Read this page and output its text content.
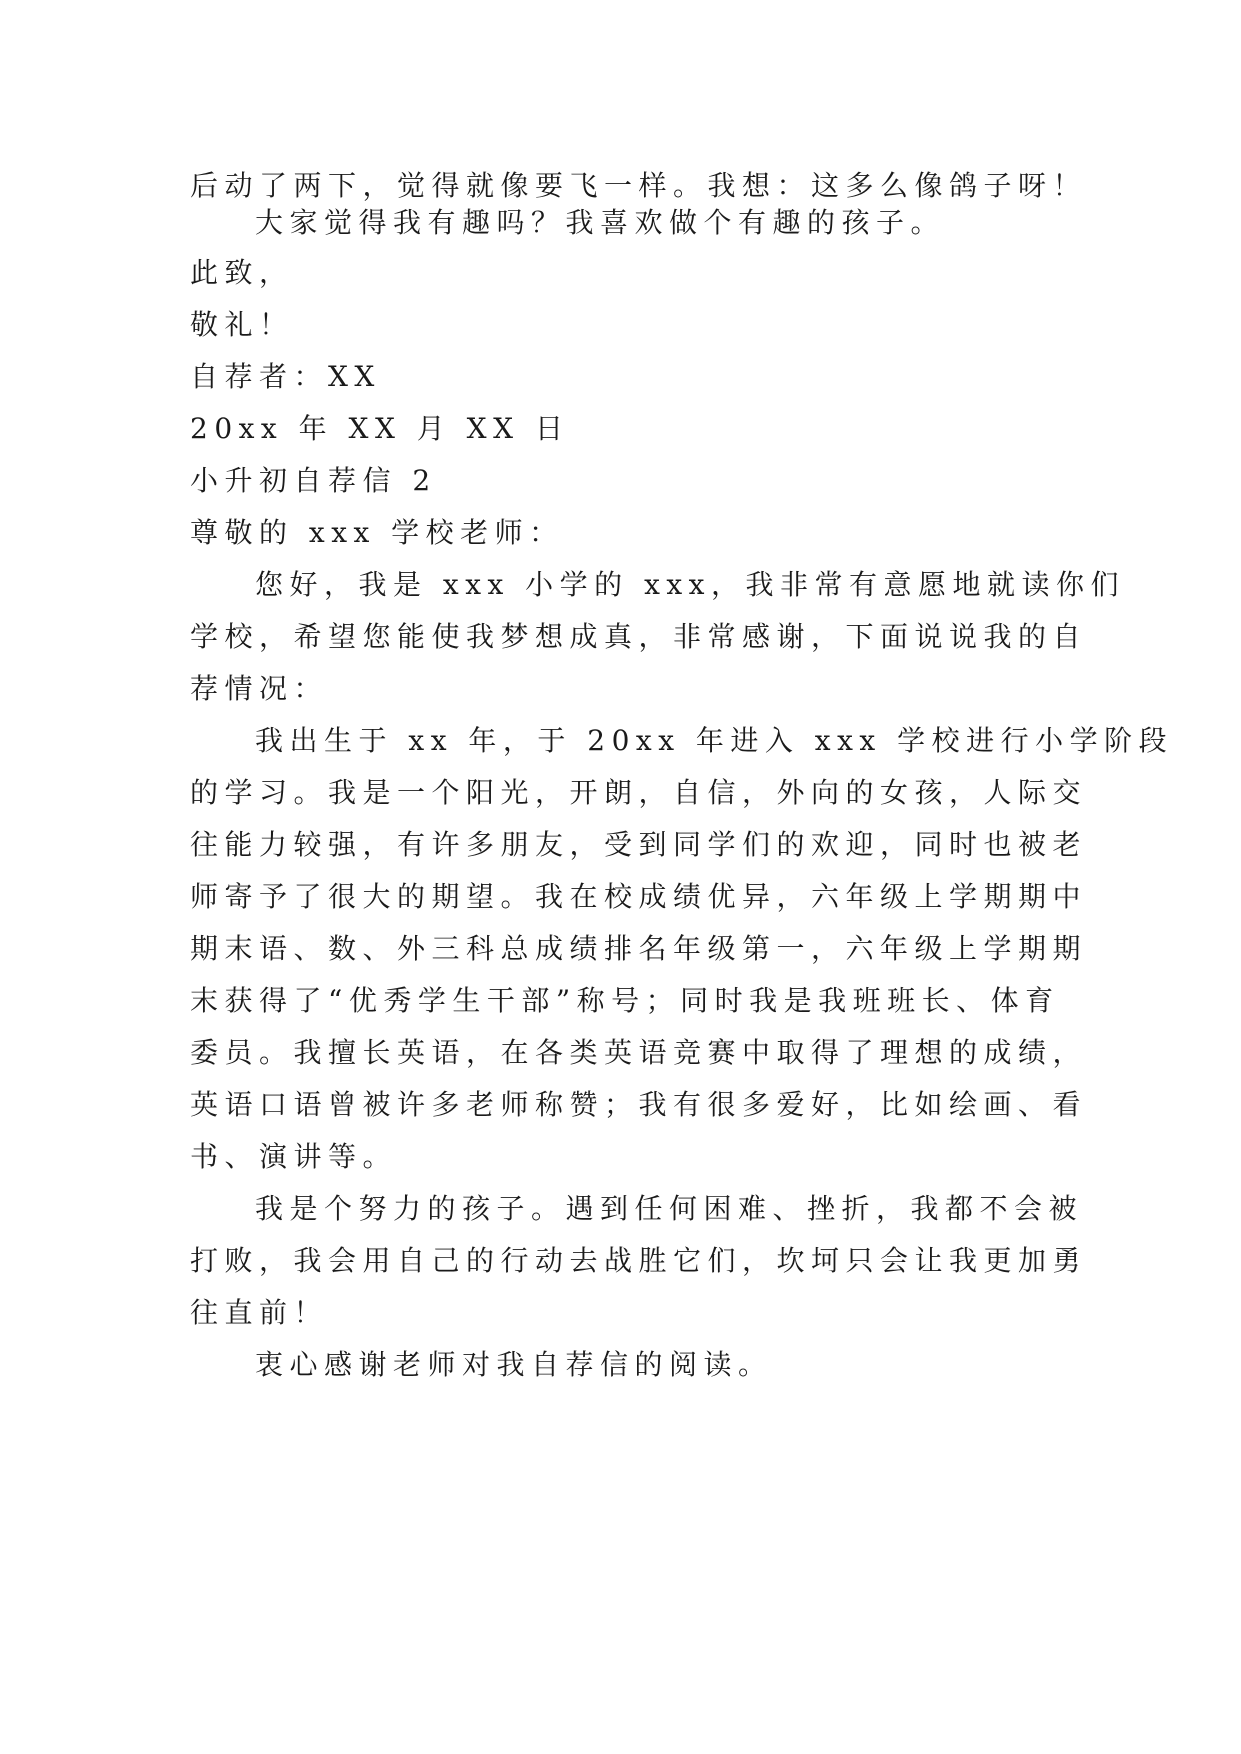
后动了两下，觉得就像要飞一样。我想：这多么像鸽子呀！
大家觉得我有趣吗？我喜欢做个有趣的孩子。
此致，
敬礼！
自荐者：XX
20xx 年 XX 月 XX 日
小升初自荐信 2
尊敬的 xxx 学校老师：
您好，我是 xxx 小学的 xxx，我非常有意愿地就读你们
学校，希望您能使我梦想成真，非常感谢，下面说说我的自
荐情况：
我出生于 xx 年，于 20xx 年进入 xxx 学校进行小学阶段
的学习。我是一个阳光，开朗，自信，外向的女孩，人际交
往能力较强，有许多朋友，受到同学们的欢迎，同时也被老
师寄予了很大的期望。我在校成绩优异，六年级上学期期中
期末语、数、外三科总成绩排名年级第一，六年级上学期期
末获得了“优秀学生干部”称号；同时我是我班班长、体育
委员。我擅长英语，在各类英语竞赛中取得了理想的成绩，
英语口语曾被许多老师称赞；我有很多爱好，比如绘画、看
书、演讲等。
我是个努力的孩子。遇到任何困难、挫折，我都不会被
打败，我会用自己的行动去战胜它们，坎坷只会让我更加勇
往直前！
衷心感谢老师对我自荐信的阅读。
